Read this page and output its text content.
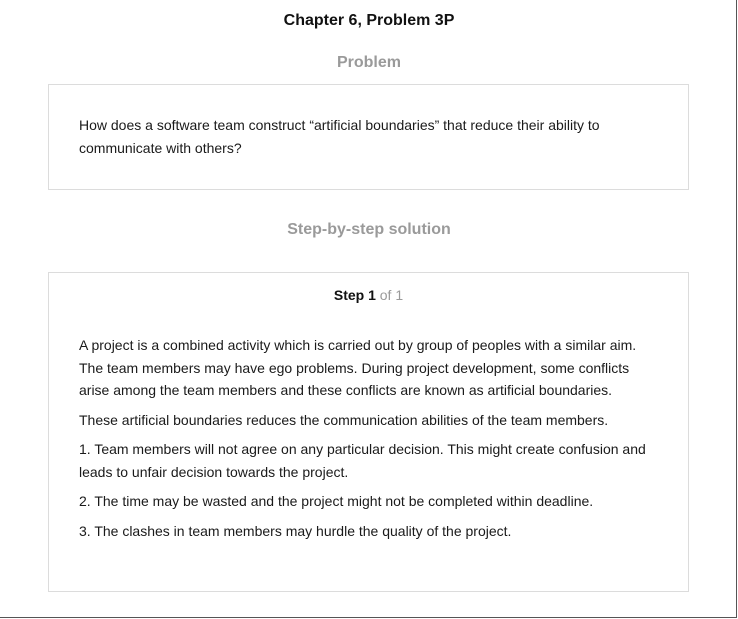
Chapter 6, Problem 3P
Problem

How does a software team construct “artificial boundaries” that reduce their ability to communicate with others?

Step-by-step solution
Step 1 of 1

A project is a combined activity which is carried out by group of peoples with a similar aim. The team members may have ego problems. During project development, some conflicts arise among the team members and these conflicts are known as artificial boundaries.

These artificial boundaries reduces the communication abilities of the team members.

1. Team members will not agree on any particular decision. This might create confusion and leads to unfair decision towards the project.

2. The time may be wasted and the project might not be completed within deadline.

3. The clashes in team members may hurdle the quality of the project.
